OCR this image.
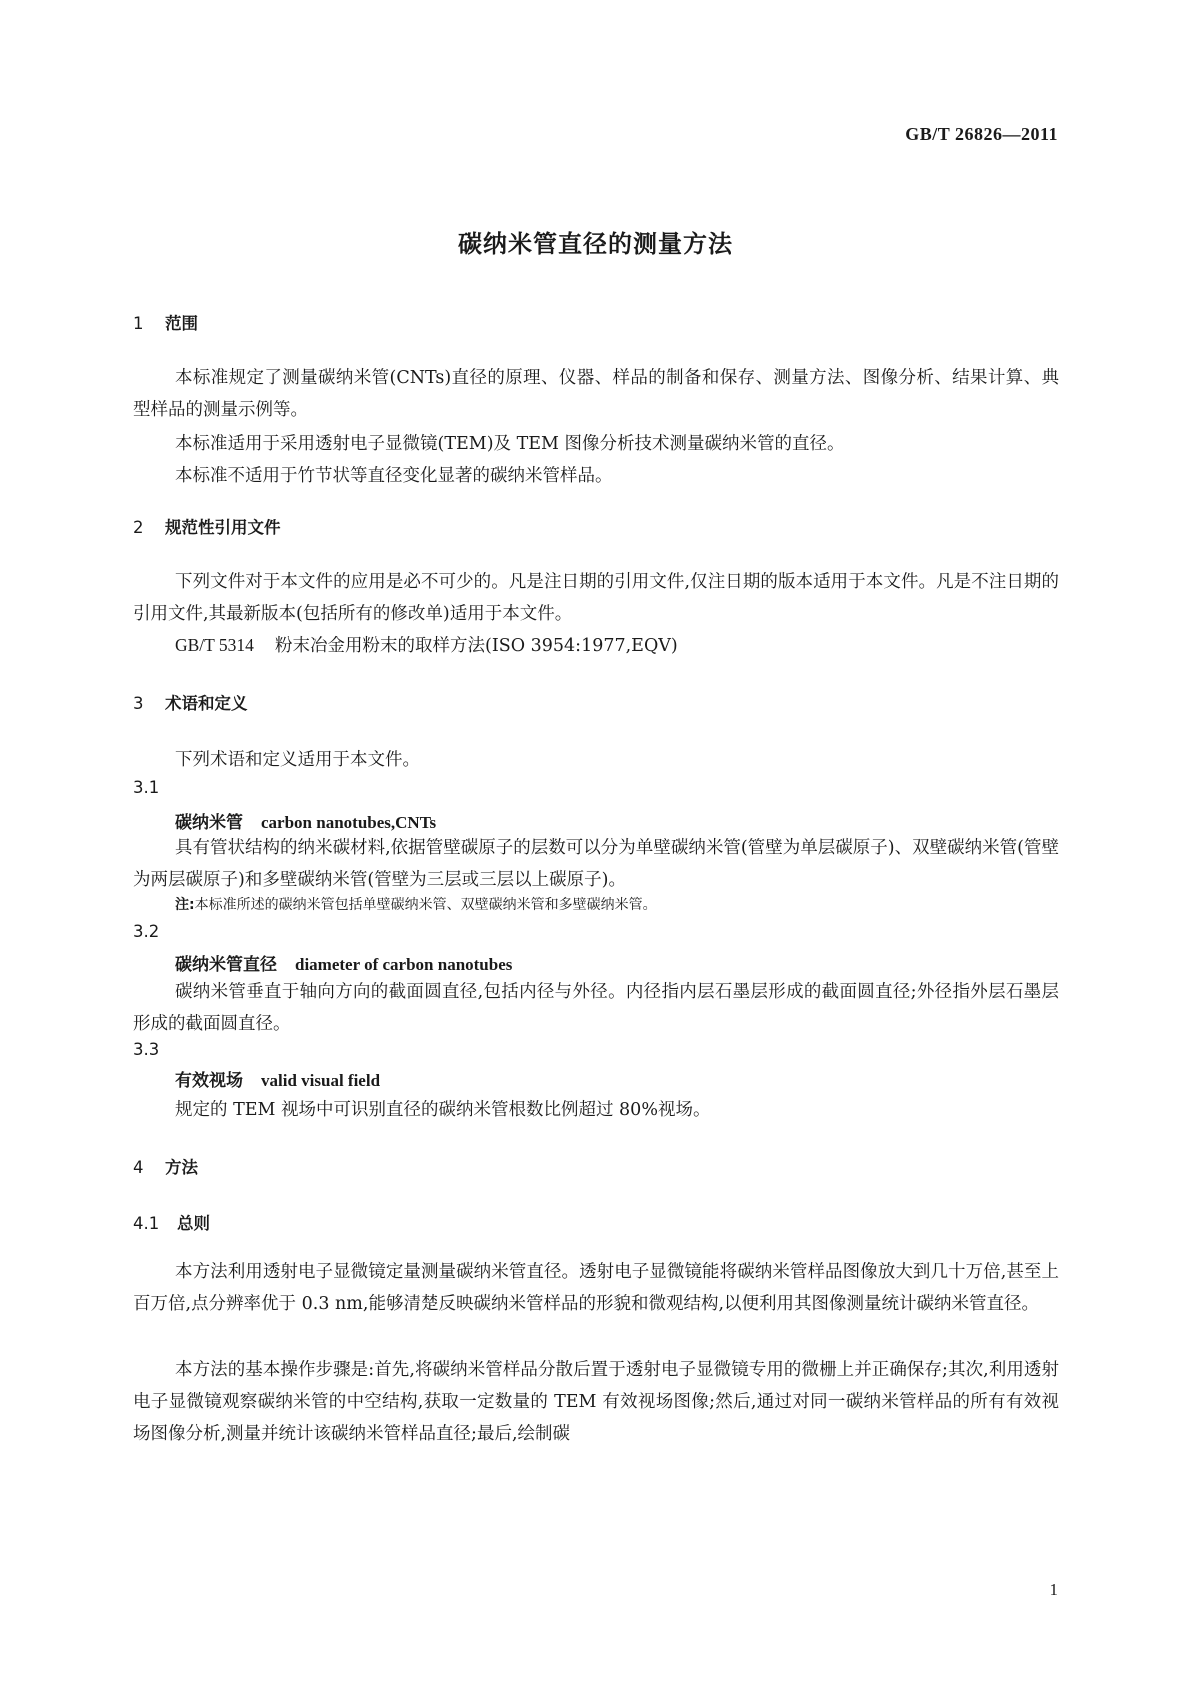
GB/T 26826—2011
碳纳米管直径的测量方法
1 范围
本标准规定了测量碳纳米管(CNTs)直径的原理、仪器、样品的制备和保存、测量方法、图像分析、结果计算、典型样品的测量示例等。
本标准适用于采用透射电子显微镜(TEM)及 TEM 图像分析技术测量碳纳米管的直径。
本标准不适用于竹节状等直径变化显著的碳纳米管样品。
2 规范性引用文件
下列文件对于本文件的应用是必不可少的。凡是注日期的引用文件,仅注日期的版本适用于本文件。凡是不注日期的引用文件,其最新版本(包括所有的修改单)适用于本文件。
GB/T 5314 粉末冶金用粉末的取样方法(ISO 3954:1977,EQV)
3 术语和定义
下列术语和定义适用于本文件。
3.1
碳纳米管 carbon nanotubes,CNTs
具有管状结构的纳米碳材料,依据管壁碳原子的层数可以分为单壁碳纳米管(管壁为单层碳原子)、双壁碳纳米管(管壁为两层碳原子)和多壁碳纳米管(管壁为三层或三层以上碳原子)。
注:本标准所述的碳纳米管包括单壁碳纳米管、双壁碳纳米管和多壁碳纳米管。
3.2
碳纳米管直径 diameter of carbon nanotubes
碳纳米管垂直于轴向方向的截面圆直径,包括内径与外径。内径指内层石墨层形成的截面圆直径;外径指外层石墨层形成的截面圆直径。
3.3
有效视场 valid visual field
规定的 TEM 视场中可识别直径的碳纳米管根数比例超过 80%视场。
4 方法
4.1 总则
本方法利用透射电子显微镜定量测量碳纳米管直径。透射电子显微镜能将碳纳米管样品图像放大到几十万倍,甚至上百万倍,点分辨率优于 0.3 nm,能够清楚反映碳纳米管样品的形貌和微观结构,以便利用其图像测量统计碳纳米管直径。
本方法的基本操作步骤是:首先,将碳纳米管样品分散后置于透射电子显微镜专用的微栅上并正确保存;其次,利用透射电子显微镜观察碳纳米管的中空结构,获取一定数量的 TEM 有效视场图像;然后,通过对同一碳纳米管样品的所有有效视场图像分析,测量并统计该碳纳米管样品直径;最后,绘制碳
1
